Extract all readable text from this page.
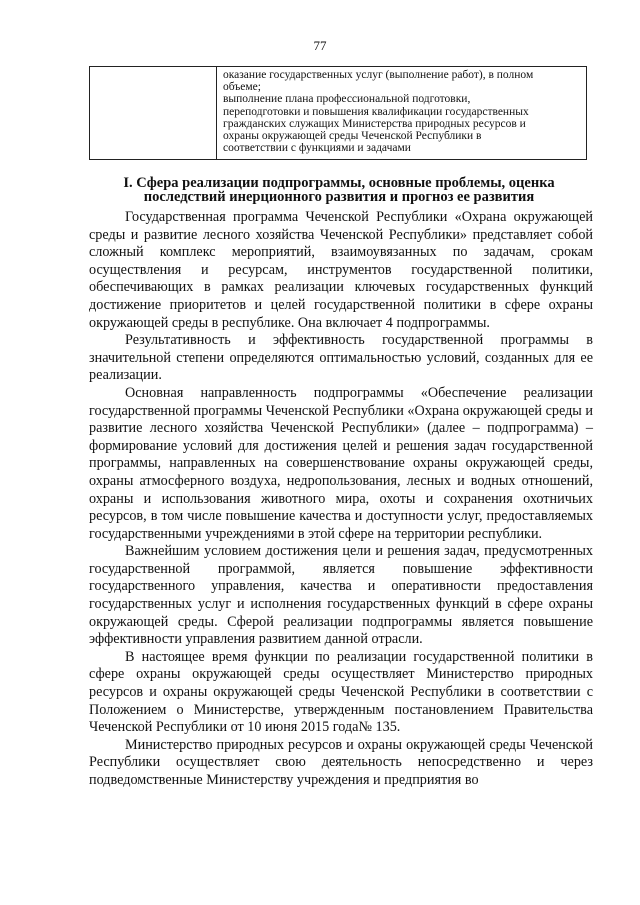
77
оказание государственных услуг (выполнение работ), в полном
объеме;
выполнение плана профессиональной подготовки,
переподготовки и повышения квалификации государственных
гражданских служащих Министерства природных ресурсов и
охраны окружающей среды Чеченской Республики в
соответствии с функциями и задачами
I. Сфера реализации подпрограммы, основные проблемы, оценка
последствий инерционного развития и прогноз ее развития

Государственная программа Чеченской Республики «Охрана окружающей среды и развитие лесного хозяйства Чеченской Республики» представляет собой сложный комплекс мероприятий, взаимоувязанных по задачам, срокам осуществления и ресурсам, инструментов государственной политики, обеспечивающих в рамках реализации ключевых государственных функций достижение приоритетов и целей государственной политики в сфере охраны окружающей среды в республике. Она включает 4 подпрограммы.

Результативность и эффективность государственной программы в значительной степени определяются оптимальностью условий, созданных для ее реализации.

Основная направленность подпрограммы «Обеспечение реализации государственной программы Чеченской Республики «Охрана окружающей среды и развитие лесного хозяйства Чеченской Республики» (далее – подпрограмма) – формирование условий для достижения целей и решения задач государственной программы, направленных на совершенствование охраны окружающей среды, охраны атмосферного воздуха, недропользования, лесных и водных отношений, охраны и использования животного мира, охоты и сохранения охотничьих ресурсов, в том числе повышение качества и доступности услуг, предоставляемых государственными учреждениями в этой сфере на территории республики.

Важнейшим условием достижения цели и решения задач, предусмотренных государственной программой, является повышение эффективности государственного управления, качества и оперативности предоставления государственных услуг и исполнения государственных функций в сфере охраны окружающей среды. Сферой реализации подпрограммы является повышение эффективности управления развитием данной отрасли.

В настоящее время функции по реализации государственной политики в сфере охраны окружающей среды осуществляет Министерство природных ресурсов и охраны окружающей среды Чеченской Республики в соответствии с Положением о Министерстве, утвержденным постановлением Правительства Чеченской Республики от 10 июня 2015 года№ 135.

Министерство природных ресурсов и охраны окружающей среды Чеченской Республики осуществляет свою деятельность непосредственно и через подведомственные Министерству учреждения и предприятия во
